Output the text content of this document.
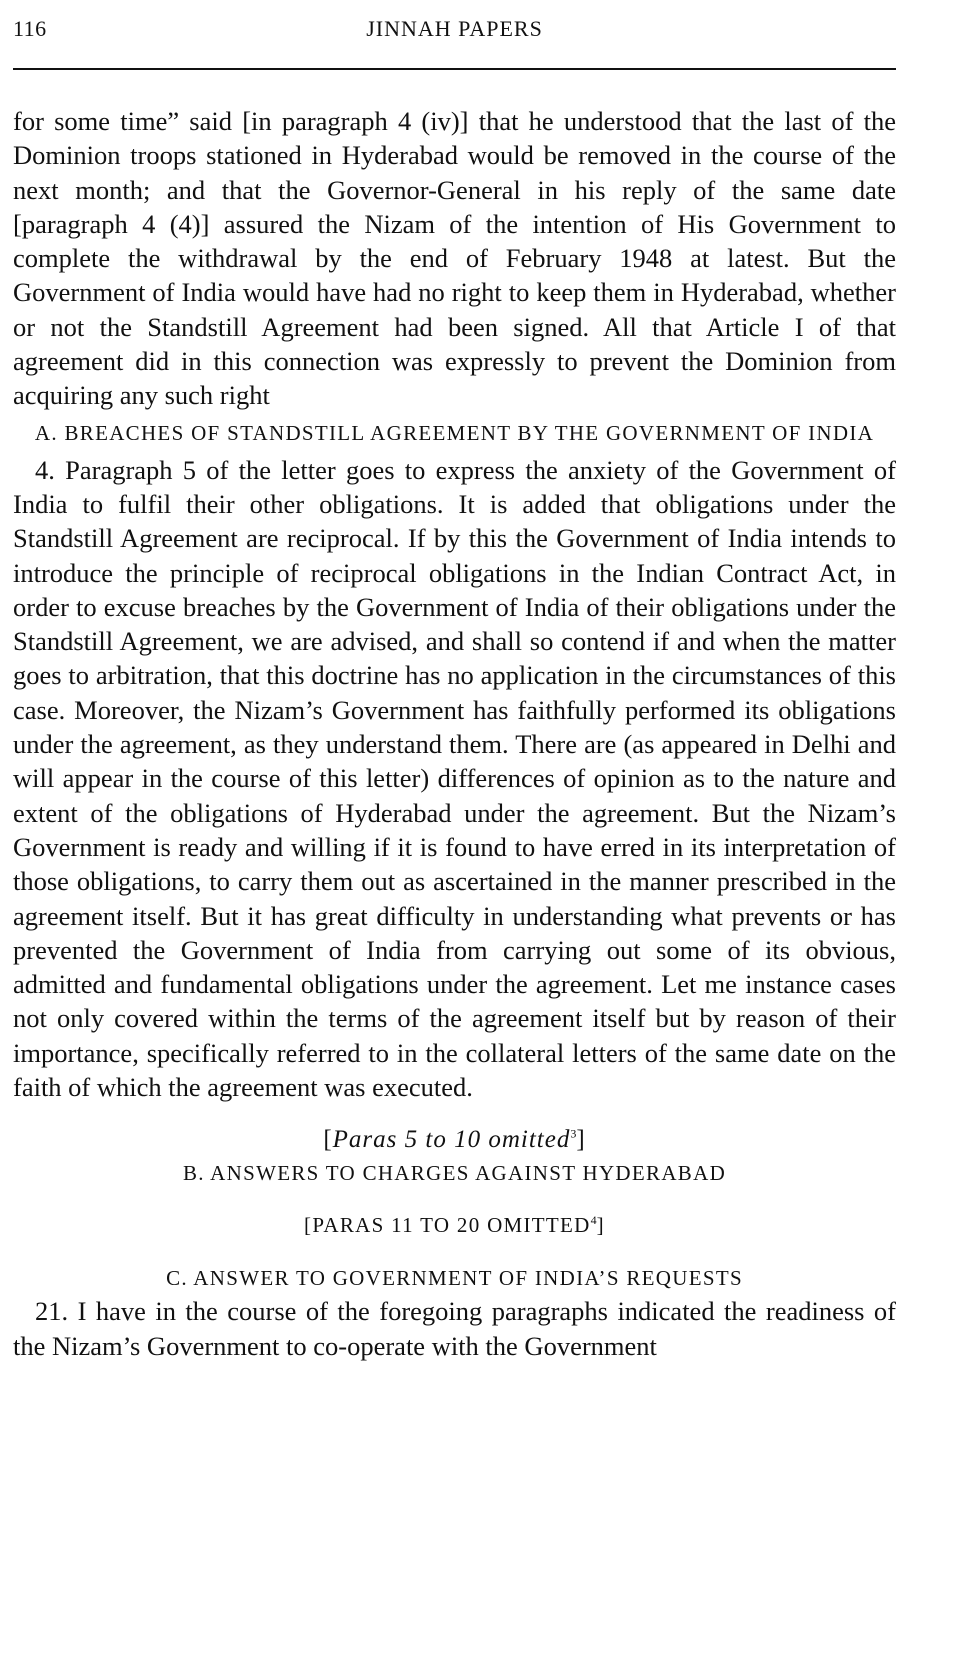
116	JINNAH PAPERS

for some time” said [in paragraph 4 (iv)] that he understood that the last of the Dominion troops stationed in Hyderabad would be removed in the course of the next month; and that the Governor-General in his reply of the same date [paragraph 4 (4)] assured the Nizam of the intention of His Government to complete the withdrawal by the end of February 1948 at latest. But the Government of India would have had no right to keep them in Hyderabad, whether or not the Standstill Agreement had been signed. All that Article I of that agreement did in this connection was expressly to prevent the Dominion from acquiring any such right

A. BREACHES OF STANDSTILL AGREEMENT BY THE GOVERNMENT OF INDIA

4. Paragraph 5 of the letter goes to express the anxiety of the Government of India to fulfil their other obligations. It is added that obligations under the Standstill Agreement are reciprocal. If by this the Government of India intends to introduce the principle of reciprocal obligations in the Indian Contract Act, in order to excuse breaches by the Government of India of their obligations under the Standstill Agreement, we are advised, and shall so contend if and when the matter goes to arbitration, that this doctrine has no application in the circumstances of this case. Moreover, the Nizam’s Government has faithfully performed its obligations under the agreement, as they understand them. There are (as appeared in Delhi and will appear in the course of this letter) differences of opinion as to the nature and extent of the obligations of Hyderabad under the agreement. But the Nizam’s Government is ready and willing if it is found to have erred in its interpretation of those obligations, to carry them out as ascertained in the manner prescribed in the agreement itself. But it has great difficulty in understanding what prevents or has prevented the Government of India from carrying out some of its obvious, admitted and fundamental obligations under the agreement. Let me instance cases not only covered within the terms of the agreement itself but by reason of their importance, specifically referred to in the collateral letters of the same date on the faith of which the agreement was executed.

[Paras 5 to 10 omitted$^3$]

B. ANSWERS TO CHARGES AGAINST HYDERABAD

[PARAS 11 TO 20 OMITTED$^4$]

C. ANSWER TO GOVERNMENT OF INDIA’S REQUESTS

21. I have in the course of the foregoing paragraphs indicated the readiness of the Nizam’s Government to co-operate with the Government
